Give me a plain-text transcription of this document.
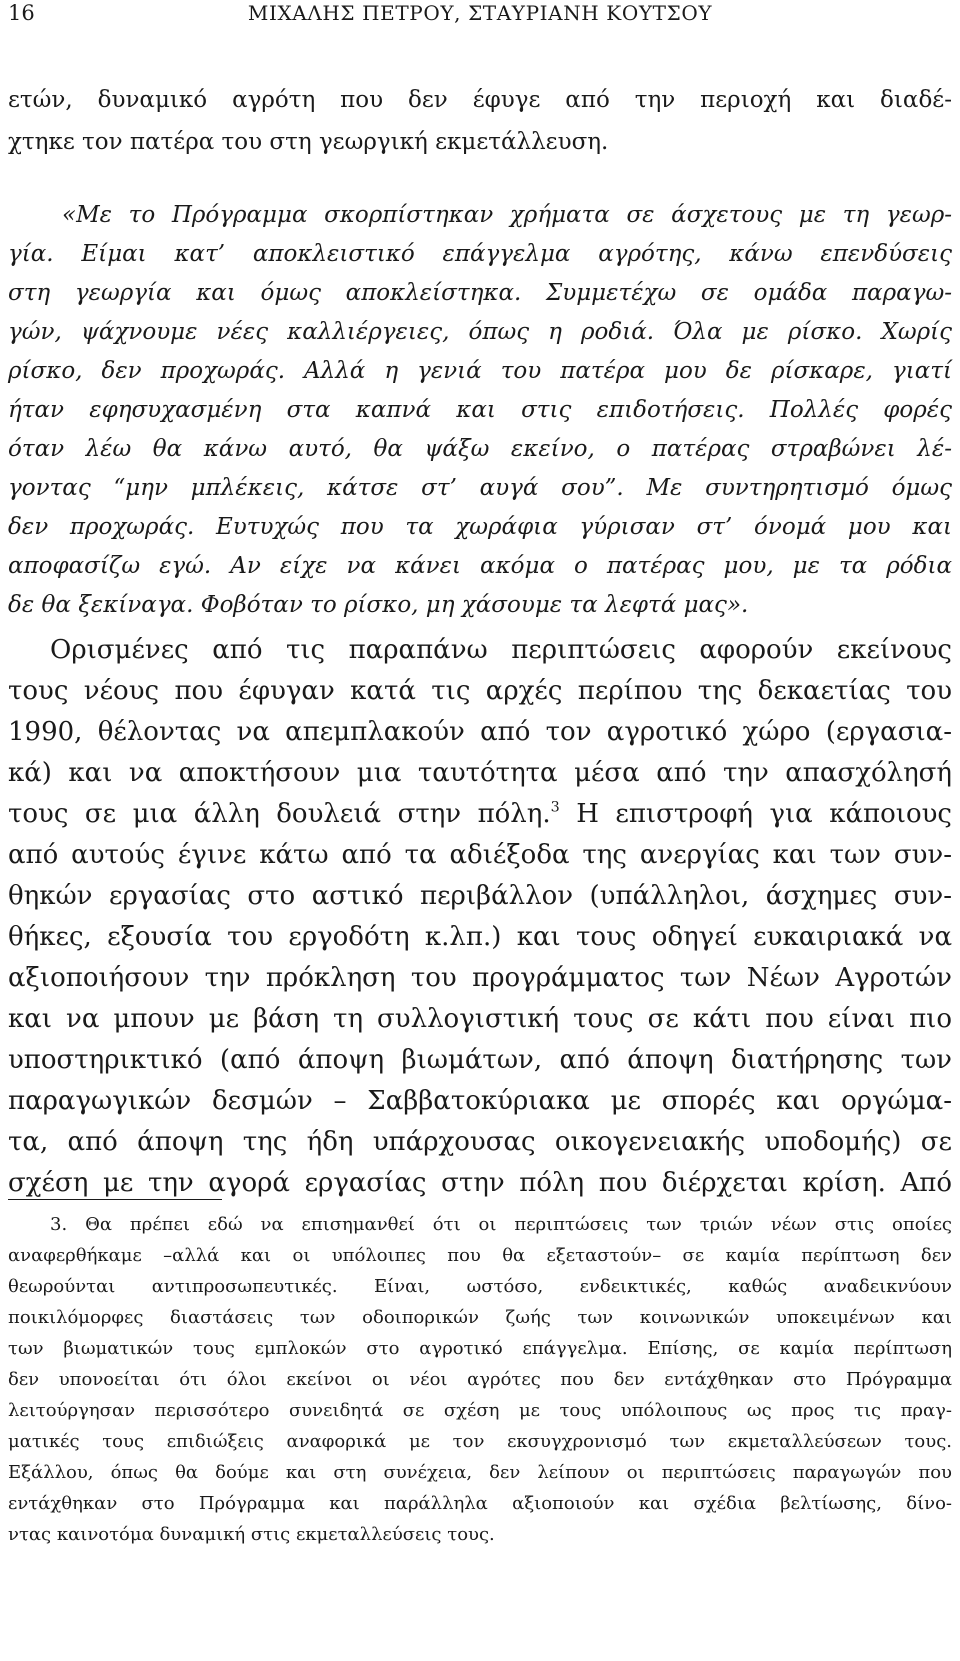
16	ΜΙΧΑΛΗΣ ΠΕΤΡΟΥ, ΣΤΑΥΡΙΑΝΗ ΚΟΥΤΣΟΥ
ετών, δυναμικό αγρότη που δεν έφυγε από την περιοχή και διαδέ-
χτηκε τον πατέρα του στη γεωργική εκμετάλλευση.
«Με το Πρόγραμμα σκορπίστηκαν χρήματα σε άσχετους με τη γεωρ-
γία. Είμαι κατ’ αποκλειστικό επάγγελμα αγρότης, κάνω επενδύσεις
στη γεωργία και όμως αποκλείστηκα. Συμμετέχω σε ομάδα παραγω-
γών, ψάχνουμε νέες καλλιέργειες, όπως η ροδιά. Όλα με ρίσκο. Χωρίς
ρίσκο, δεν προχωράς. Αλλά η γενιά του πατέρα μου δε ρίσκαρε, γιατί
ήταν εφησυχασμένη στα καπνά και στις επιδοτήσεις. Πολλές φορές
όταν λέω θα κάνω αυτό, θα ψάξω εκείνο, ο πατέρας στραβώνει λέ-
γοντας “μην μπλέκεις, κάτσε στ’ αυγά σου”. Με συντηρητισμό όμως
δεν προχωράς. Ευτυχώς που τα χωράφια γύρισαν στ’ όνομά μου και
αποφασίζω εγώ. Αν είχε να κάνει ακόμα ο πατέρας μου, με τα ρόδια
δε θα ξεκίναγα. Φοβόταν το ρίσκο, μη χάσουμε τα λεφτά μας».
Ορισμένες από τις παραπάνω περιπτώσεις αφορούν εκείνους
τους νέους που έφυγαν κατά τις αρχές περίπου της δεκαετίας του
1990, θέλοντας να απεμπλακούν από τον αγροτικό χώρο (εργασια-
κά) και να αποκτήσουν μια ταυτότητα μέσα από την απασχόλησή
τους σε μια άλλη δουλειά στην πόλη.$^3$ Η επιστροφή για κάποιους
από αυτούς έγινε κάτω από τα αδιέξοδα της ανεργίας και των συν-
θηκών εργασίας στο αστικό περιβάλλον (υπάλληλοι, άσχημες συν-
θήκες, εξουσία του εργοδότη κ.λπ.) και τους οδηγεί ευκαιριακά να
αξιοποιήσουν την πρόκληση του προγράμματος των Νέων Αγροτών
και να μπουν με βάση τη συλλογιστική τους σε κάτι που είναι πιο
υποστηρικτικό (από άποψη βιωμάτων, από άποψη διατήρησης των
παραγωγικών δεσμών – Σαββατοκύριακα με σπορές και οργώμα-
τα, από άποψη της ήδη υπάρχουσας οικογενειακής υποδομής) σε
σχέση με την αγορά εργασίας στην πόλη που διέρχεται κρίση. Από
3. Θα πρέπει εδώ να επισημανθεί ότι οι περιπτώσεις των τριών νέων στις οποίες
αναφερθήκαμε –αλλά και οι υπόλοιπες που θα εξεταστούν– σε καμία περίπτωση δεν
θεωρούνται αντιπροσωπευτικές. Είναι, ωστόσο, ενδεικτικές, καθώς αναδεικνύουν
ποικιλόμορφες διαστάσεις των οδοιπορικών ζωής των κοινωνικών υποκειμένων και
των βιωματικών τους εμπλοκών στο αγροτικό επάγγελμα. Επίσης, σε καμία περίπτωση
δεν υπονοείται ότι όλοι εκείνοι οι νέοι αγρότες που δεν εντάχθηκαν στο Πρόγραμμα
λειτούργησαν περισσότερο συνειδητά σε σχέση με τους υπόλοιπους ως προς τις πραγ-
ματικές τους επιδιώξεις αναφορικά με τον εκσυγχρονισμό των εκμεταλλεύσεων τους.
Εξάλλου, όπως θα δούμε και στη συνέχεια, δεν λείπουν οι περιπτώσεις παραγωγών που
εντάχθηκαν στο Πρόγραμμα και παράλληλα αξιοποιούν και σχέδια βελτίωσης, δίνο-
ντας καινοτόμα δυναμική στις εκμεταλλεύσεις τους.
